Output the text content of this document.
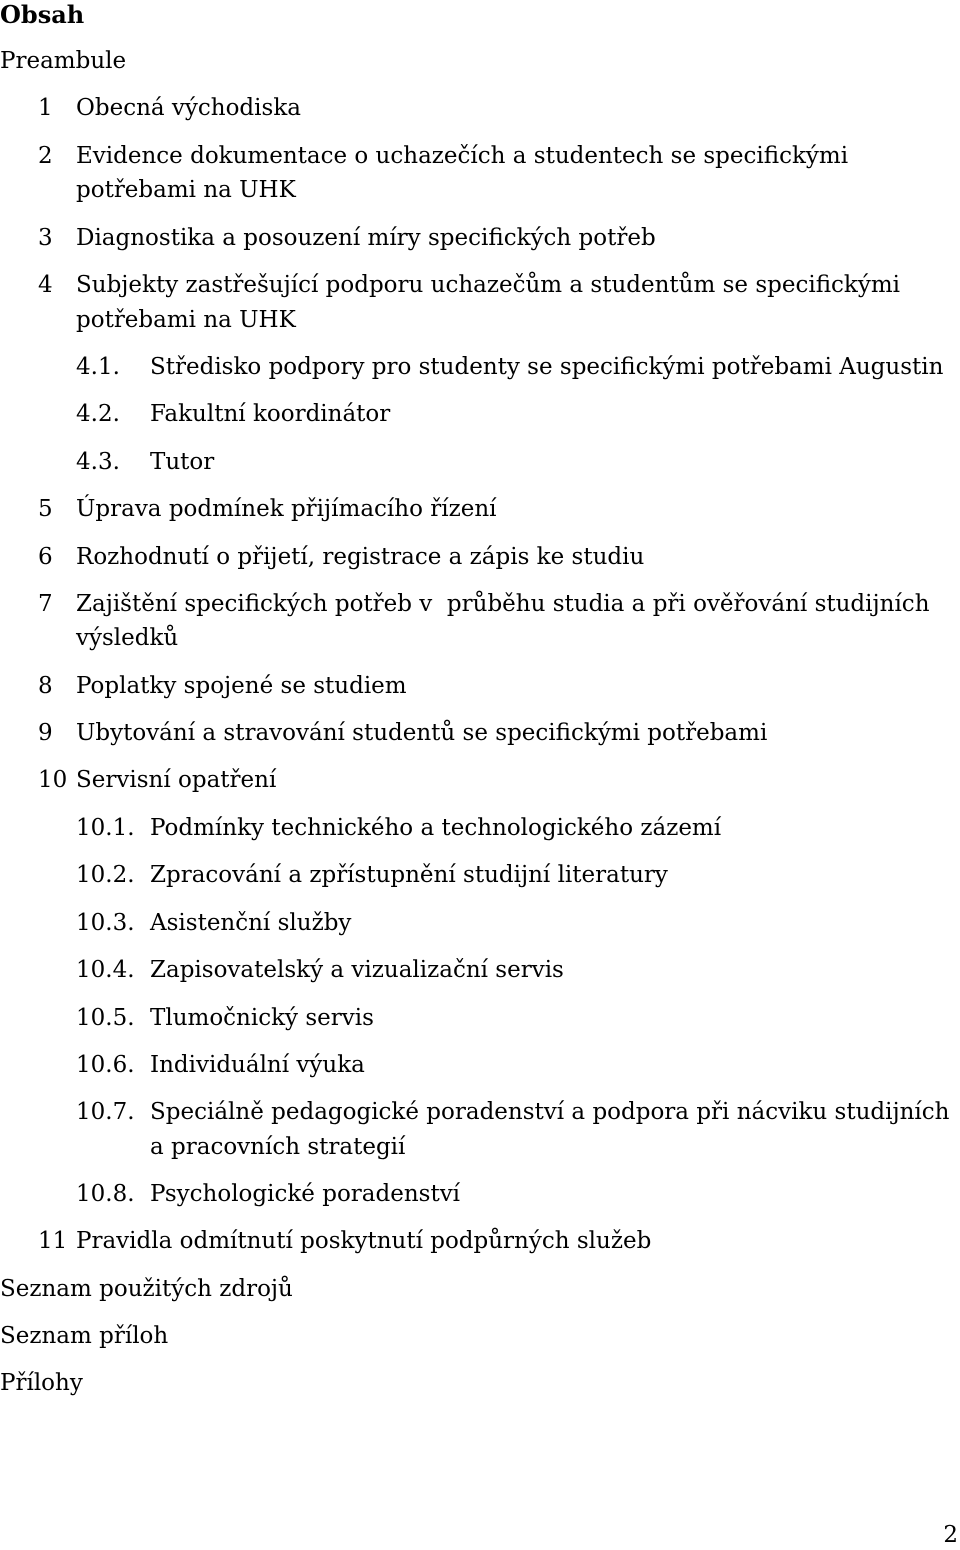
Obsah
Preambule
1 Obecná východiska
2 Evidence dokumentace o uchazečích a studentech se specifickými
potřebami na UHK
3 Diagnostika a posouzení míry specifických potřeb
4 Subjekty zastřešující podporu uchazečům a studentům se specifickými
potřebami na UHK
4.1. Středisko podpory pro studenty se specifickými potřebami Augustin
4.2. Fakultní koordinátor
4.3. Tutor
5 Úprava podmínek přijímacího řízení
6 Rozhodnutí o přijetí, registrace a zápis ke studiu
7 Zajištění specifických potřeb v  průběhu studia a při ověřování studijních
výsledků
8 Poplatky spojené se studiem
9 Ubytování a stravování studentů se specifickými potřebami
10 Servisní opatření
10.1. Podmínky technického a technologického zázemí
10.2. Zpracování a zpřístupnění studijní literatury
10.3. Asistenční služby
10.4. Zapisovatelský a vizualizační servis
10.5. Tlumočnický servis
10.6. Individuální výuka
10.7. Speciálně pedagogické poradenství a podpora při nácviku studijních
a pracovních strategií
10.8. Psychologické poradenství
11 Pravidla odmítnutí poskytnutí podpůrných služeb
Seznam použitých zdrojů
Seznam příloh
Přílohy
2
